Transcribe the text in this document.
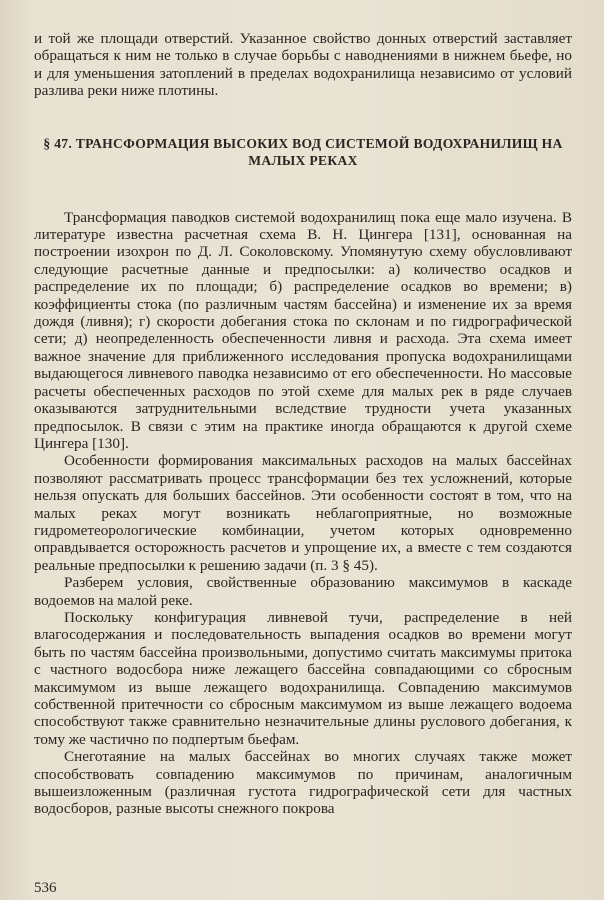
и той же площади отверстий. Указанное свойство донных отверстий заставляет обращаться к ним не только в случае борьбы с наводнениями в нижнем бьефе, но и для уменьшения затоплений в пределах водохранилища независимо от условий разлива реки ниже плотины.

§ 47. ТРАНСФОРМАЦИЯ ВЫСОКИХ ВОД СИСТЕМОЙ ВОДОХРАНИЛИЩ НА МАЛЫХ РЕКАХ

Трансформация паводков системой водохранилищ пока еще мало изучена. В литературе известна расчетная схема В. Н. Цингера [131], основанная на построении изохрон по Д. Л. Соколовскому. Упомянутую схему обусловливают следующие расчетные данные и предпосылки: а) количество осадков и распределение их по площади; б) распределение осадков во времени; в) коэффициенты стока (по различным частям бассейна) и изменение их за время дождя (ливня); г) скорости добегания стока по склонам и по гидрографической сети; д) неопределенность обеспеченности ливня и расхода. Эта схема имеет важное значение для приближенного исследования пропуска водохранилищами выдающегося ливневого паводка независимо от его обеспеченности. Но массовые расчеты обеспеченных расходов по этой схеме для малых рек в ряде случаев оказываются затруднительными вследствие трудности учета указанных предпосылок. В связи с этим на практике иногда обращаются к другой схеме Цингера [130].

Особенности формирования максимальных расходов на малых бассейнах позволяют рассматривать процесс трансформации без тех усложнений, которые нельзя опускать для больших бассейнов. Эти особенности состоят в том, что на малых реках могут возникать неблагоприятные, но возможные гидрометеорологические комбинации, учетом которых одновременно оправдывается осторожность расчетов и упрощение их, а вместе с тем создаются реальные предпосылки к решению задачи (п. 3 § 45).

Разберем условия, свойственные образованию максимумов в каскаде водоемов на малой реке.

Поскольку конфигурация ливневой тучи, распределение в ней влагосодержания и последовательность выпадения осадков во времени могут быть по частям бассейна произвольными, допустимо считать максимумы притока с частного водосбора ниже лежащего бассейна совпадающими со сбросным максимумом из выше лежащего водохранилища. Совпадению максимумов собственной притечности со сбросным максимумом из выше лежащего водоема способствуют также сравнительно незначительные длины руслового добегания, к тому же частично по подпертым бьефам.

Снеготаяние на малых бассейнах во многих случаях также может способствовать совпадению максимумов по причинам, аналогичным вышеизложенным (различная густота гидрографической сети для частных водосборов, разные высоты снежного покрова

536
